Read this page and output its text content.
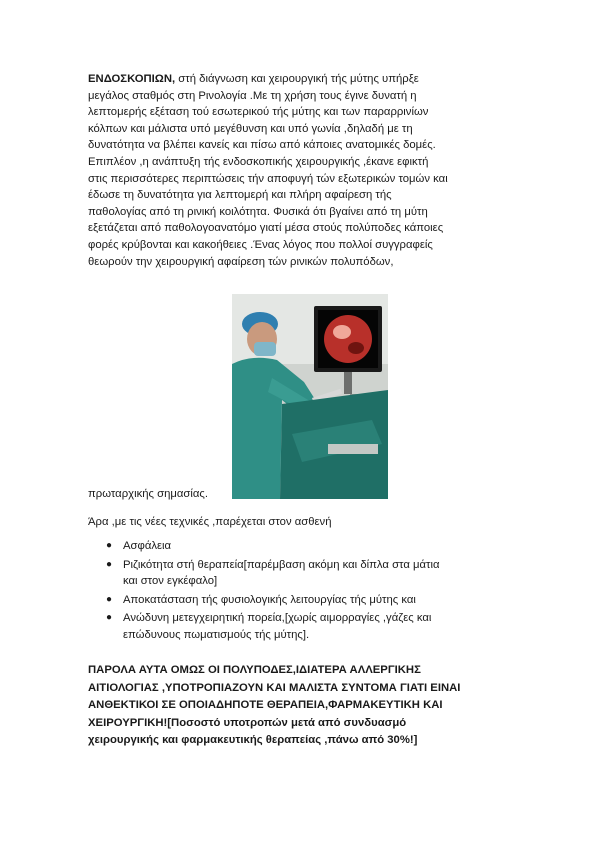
ΕΝΔΟΣΚΟΠΙΩΝ, στή διάγνωση και χειρουργική τής μύτης υπήρξε
μεγάλος σταθμός στη Ρινολογία .Με τη χρήση τους έγινε δυνατή η
λεπτομερής εξέταση τού εσωτερικού τής μύτης και των παραρρινίων
κόλπων και μάλιστα υπό μεγέθυνση και υπό γωνία ,δηλαδή με τη
δυνατότητα να βλέπει κανείς και πίσω από κάποιες ανατομικές δομές.
Επιπλέον ,η ανάπτυξη τής ενδοσκοπικής χειρουργικής ,έκανε εφικτή
στις περισσότερες περιπτώσεις τήν αποφυγή τών εξωτερικών τομών και
έδωσε τη δυνατότητα για λεπτομερή και πλήρη αφαίρεση τής
παθολογίας από τη ρινική κοιλότητα. Φυσικά ότι βγαίνει από τη μύτη
εξετάζεται από παθολογοανατόμο γιατί μέσα στούς πολύποδες κάποιες
φορές κρύβονται και κακοήθειες .Ένας λόγος που πολλοί συγγραφείς
θεωρούν την χειρουργική αφαίρεση τών ρινικών πολυπόδων,
πρωταρχικής σημασίας.
Άρα ,με τις νέες τεχνικές ,παρέχεται στον ασθενή
● Ασφάλεια
● Ριζικότητα στή θεραπεία[παρέμβαση ακόμη και δίπλα στα μάτια
και στον εγκέφαλο]
● Αποκατάσταση τής φυσιολογικής λειτουργίας τής μύτης και
● Ανώδυνη μετεγχειρητική πορεία,[χωρίς αιμορραγίες ,γάζες και
επώδυνους πωματισμούς τής μύτης].
ΠΑΡΟΛΑ ΑΥΤΑ ΟΜΩΣ ΟΙ ΠΟΛΥΠΟΔΕΣ,ΙΔΙΑΤΕΡΑ ΑΛΛΕΡΓΙΚΗΣ
ΑΙΤΙΟΛΟΓΙΑΣ ,ΥΠΟΤΡΟΠΙΑΖΟΥΝ ΚΑΙ ΜΑΛΙΣΤΑ ΣΥΝΤΟΜΑ ΓΙΑΤΙ ΕΙΝΑΙ
ΑΝΘΕΚΤΙΚΟΙ ΣΕ ΟΠΟΙΑΔΗΠΟΤΕ ΘΕΡΑΠΕΙΑ,ΦΑΡΜΑΚΕΥΤΙΚΗ ΚΑΙ
ΧΕΙΡΟΥΡΓΙΚΗ![Ποσοστό υποτροπών μετά από συνδυασμό
χειρουργικής και φαρμακευτικής θεραπείας ,πάνω από 30%!]
